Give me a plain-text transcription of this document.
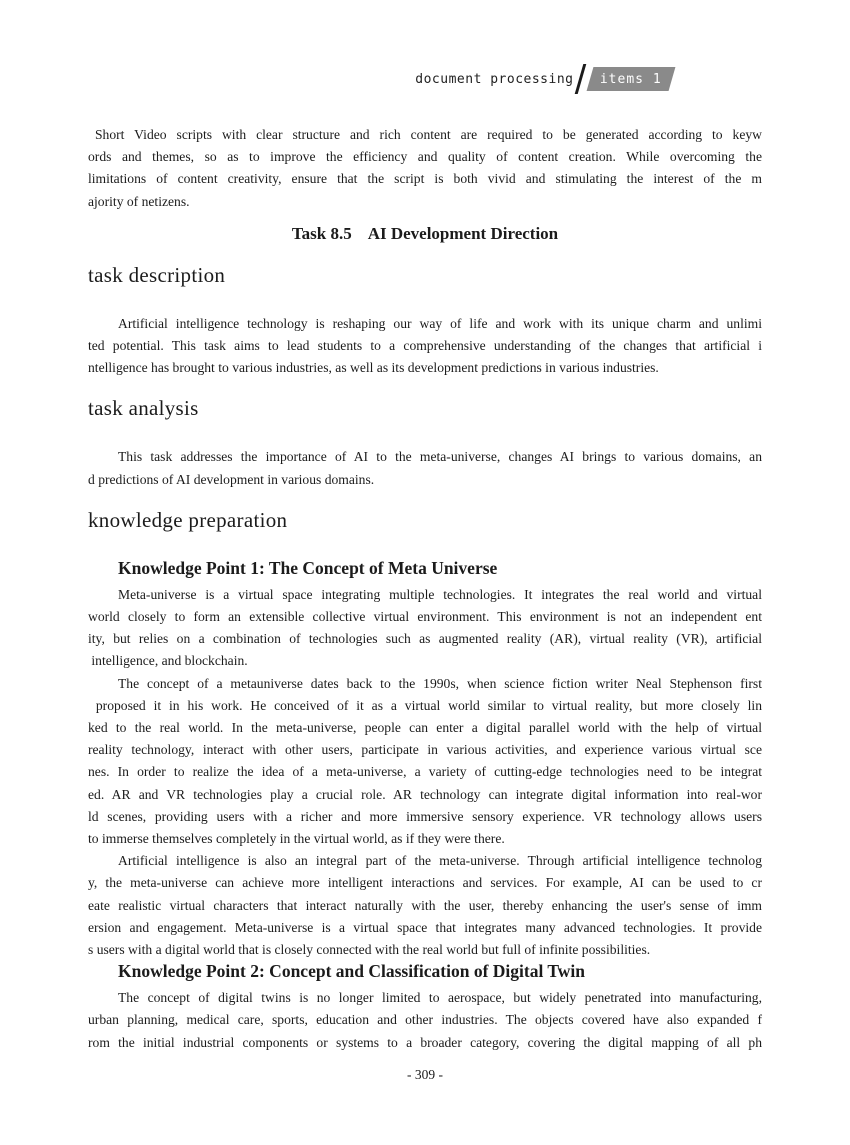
document processing items 1
Short Video scripts with clear structure and rich content are required to be generated according to keyw
ords and themes, so as to improve the efficiency and quality of content creation. While overcoming the
limitations of content creativity, ensure that the script is both vivid and stimulating the interest of the m
ajority of netizens.
Task 8.5 AI Development Direction
task description
Artificial intelligence technology is reshaping our way of life and work with its unique charm and unlimi
ted potential. This task aims to lead students to a comprehensive understanding of the changes that artificial i
ntelligence has brought to various industries, as well as its development predictions in various industries.
task analysis
This task addresses the importance of AI to the meta-universe, changes AI brings to various domains, an
d predictions of AI development in various domains.
knowledge preparation
Knowledge Point 1: The Concept of Meta Universe
Meta-universe is a virtual space integrating multiple technologies. It integrates the real world and virtual
world closely to form an extensible collective virtual environment. This environment is not an independent ent
ity, but relies on a combination of technologies such as augmented reality (AR), virtual reality (VR), artificial
intelligence, and blockchain.
The concept of a metauniverse dates back to the 1990s, when science fiction writer Neal Stephenson first
proposed it in his work. He conceived of it as a virtual world similar to virtual reality, but more closely lin
ked to the real world. In the meta-universe, people can enter a digital parallel world with the help of virtual
reality technology, interact with other users, participate in various activities, and experience various virtual sce
nes. In order to realize the idea of a meta-universe, a variety of cutting-edge technologies need to be integrat
ed. AR and VR technologies play a crucial role. AR technology can integrate digital information into real-wor
ld scenes, providing users with a richer and more immersive sensory experience. VR technology allows users
to immerse themselves completely in the virtual world, as if they were there.
Artificial intelligence is also an integral part of the meta-universe. Through artificial intelligence technolog
y, the meta-universe can achieve more intelligent interactions and services. For example, AI can be used to cr
eate realistic virtual characters that interact naturally with the user, thereby enhancing the user's sense of imm
ersion and engagement. Meta-universe is a virtual space that integrates many advanced technologies. It provide
s users with a digital world that is closely connected with the real world but full of infinite possibilities.
Knowledge Point 2: Concept and Classification of Digital Twin
The concept of digital twins is no longer limited to aerospace, but widely penetrated into manufacturing,
urban planning, medical care, sports, education and other industries. The objects covered have also expanded f
rom the initial industrial components or systems to a broader category, covering the digital mapping of all ph
- 309 -
